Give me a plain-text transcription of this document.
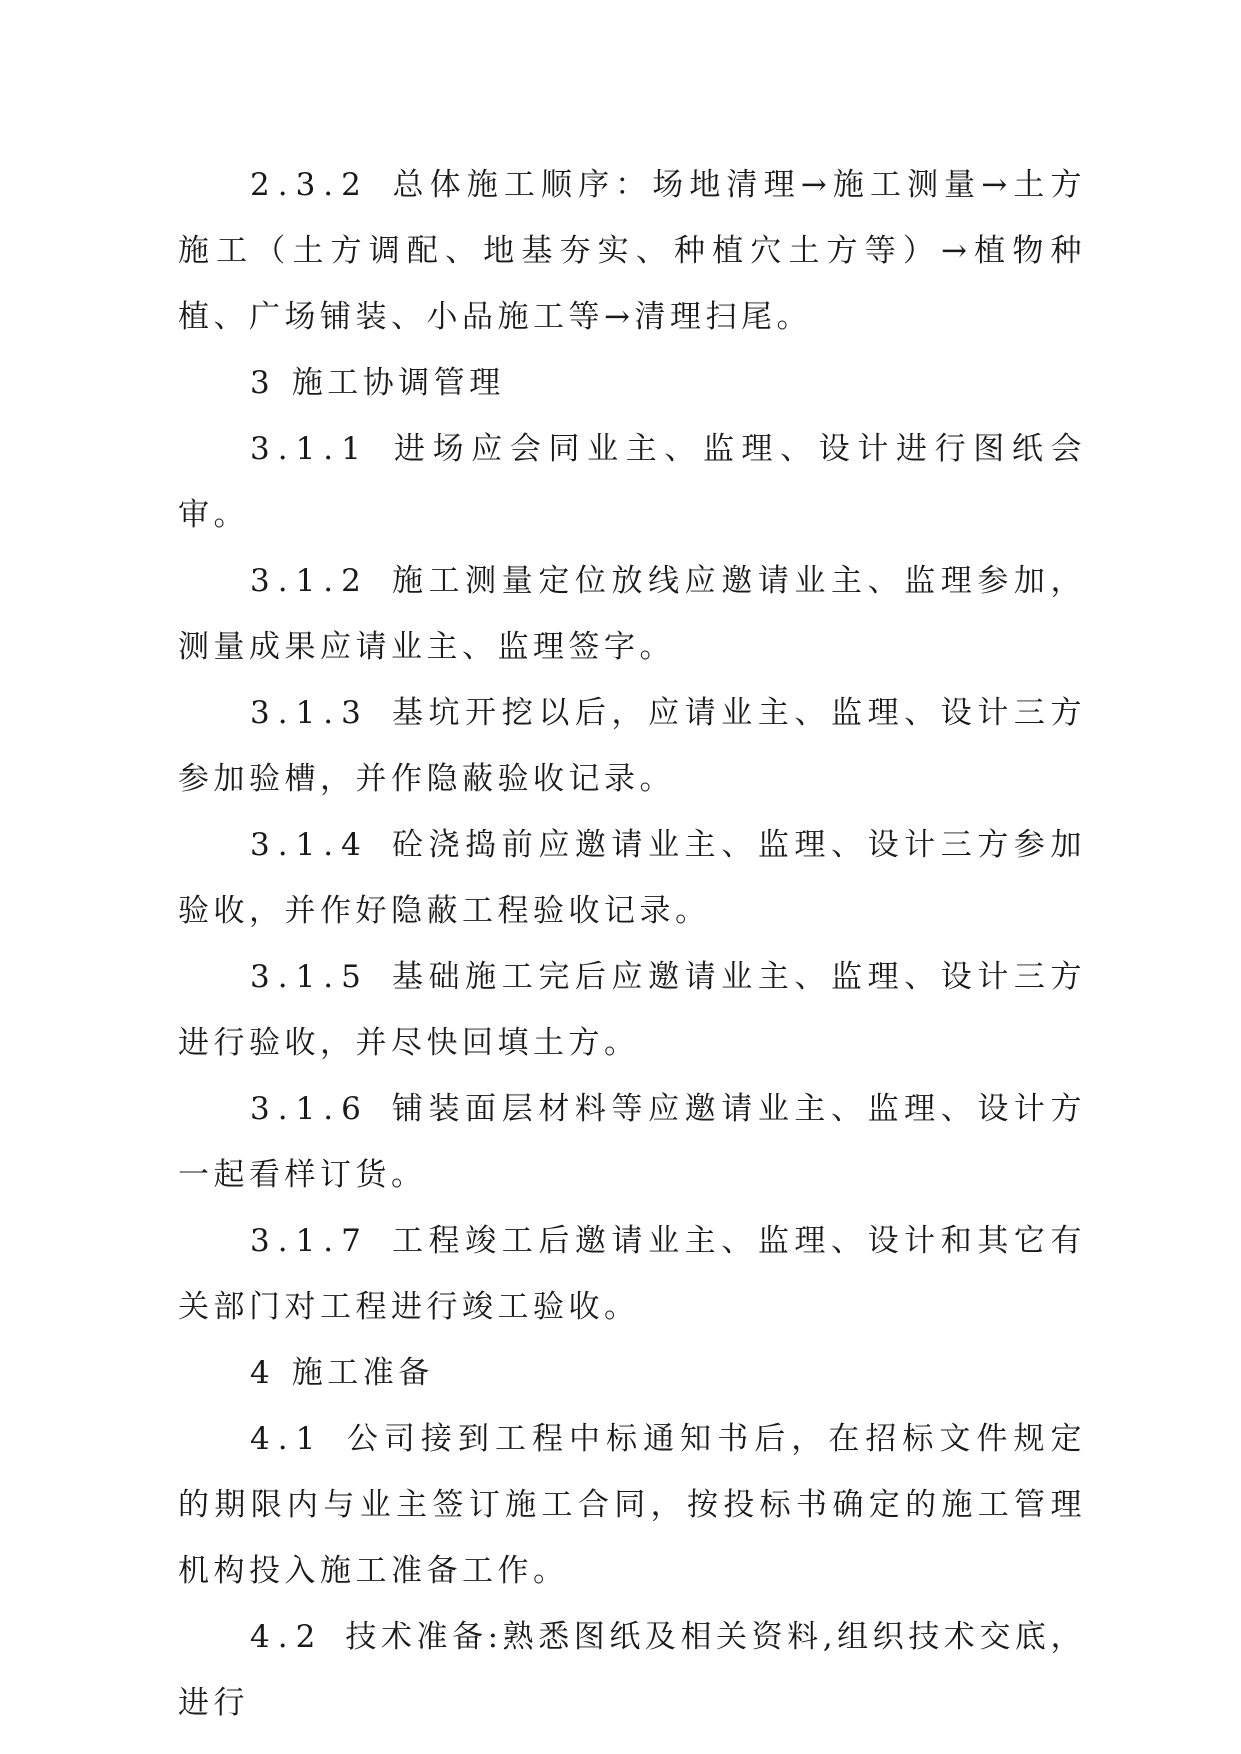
2.3.2 总体施工顺序：场地清理→施工测量→土方施工（土方调配、地基夯实、种植穴土方等）→植物种植、广场铺装、小品施工等→清理扫尾。

3 施工协调管理

3.1.1 进场应会同业主、监理、设计进行图纸会审。

3.1.2 施工测量定位放线应邀请业主、监理参加，测量成果应请业主、监理签字。

3.1.3 基坑开挖以后，应请业主、监理、设计三方参加验槽，并作隐蔽验收记录。

3.1.4 砼浇捣前应邀请业主、监理、设计三方参加验收，并作好隐蔽工程验收记录。

3.1.5 基础施工完后应邀请业主、监理、设计三方进行验收，并尽快回填土方。

3.1.6 铺装面层材料等应邀请业主、监理、设计方一起看样订货。

3.1.7 工程竣工后邀请业主、监理、设计和其它有关部门对工程进行竣工验收。

4 施工准备

4.1 公司接到工程中标通知书后，在招标文件规定的期限内与业主签订施工合同，按投标书确定的施工管理机构投入施工准备工作。

4.2 技术准备:熟悉图纸及相关资料,组织技术交底，进行
